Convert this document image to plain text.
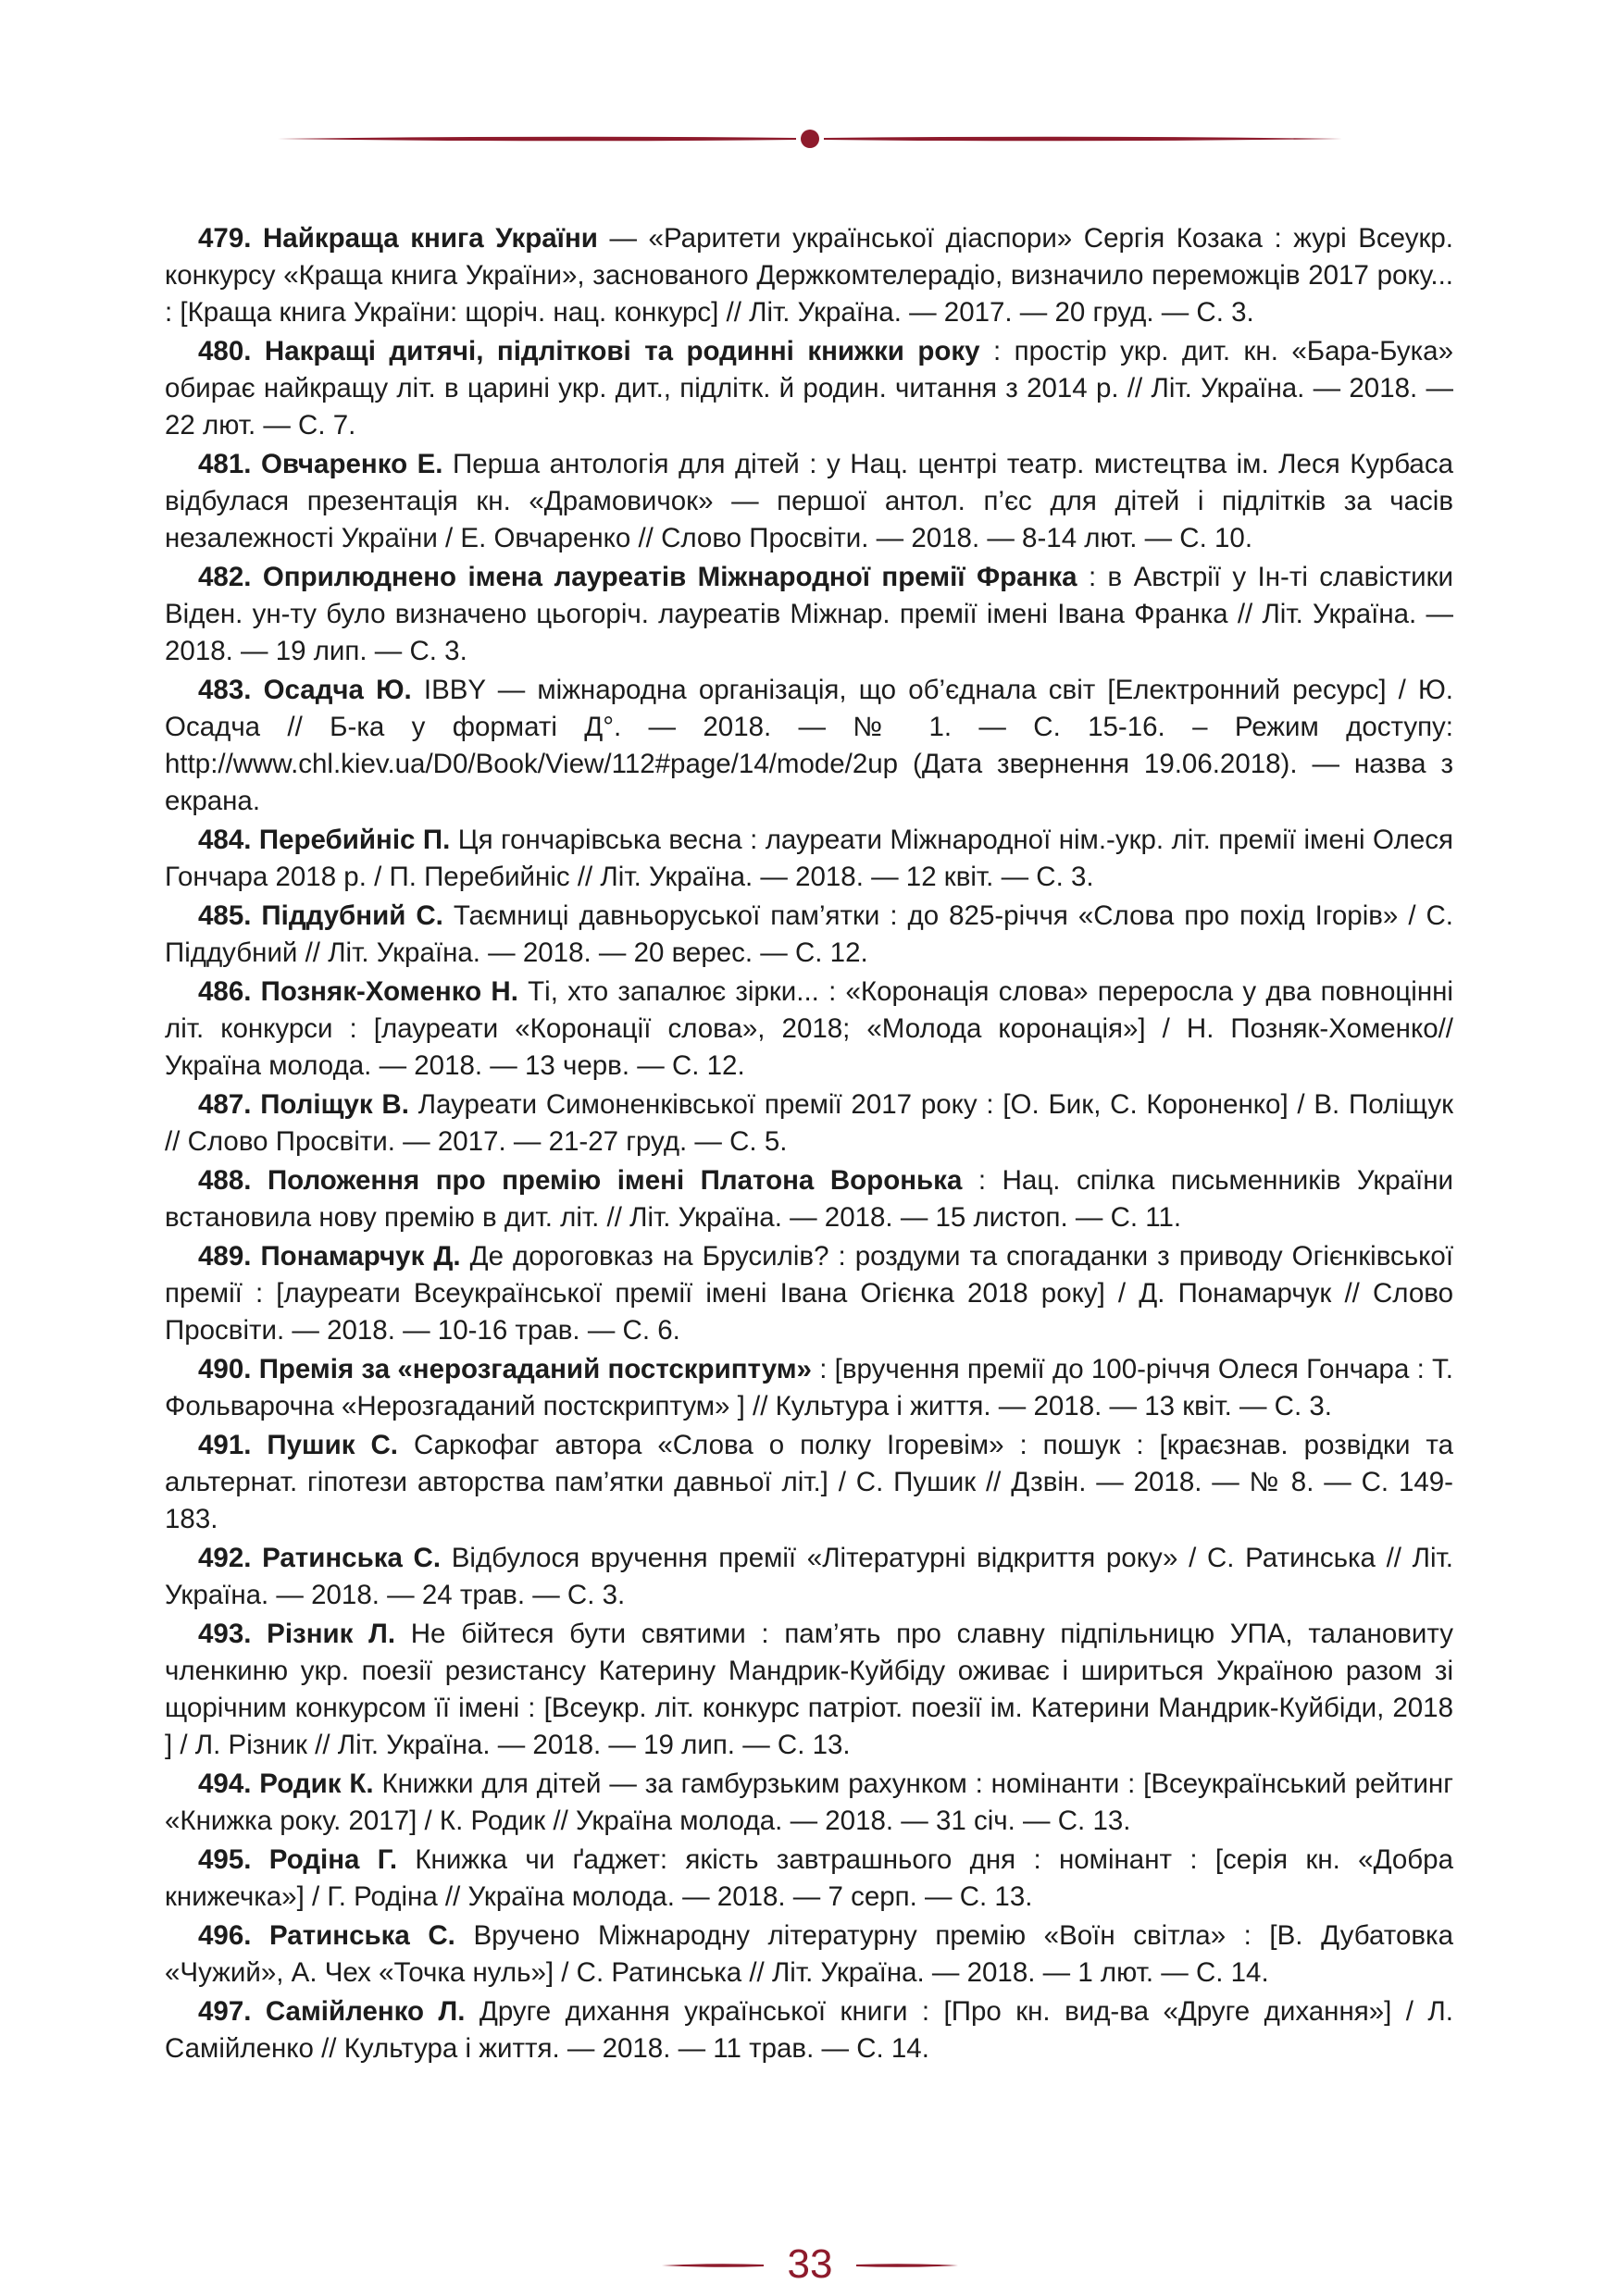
479. Найкраща книга України — «Раритети української діаспори» Сергія Козака : журі Всеукр. конкурсу «Краща книга України», заснованого Держкомтелерадіо, визначило переможців 2017 року... : [Краща книга України: щоріч. нац. конкурс] // Літ. Україна. — 2017. — 20 груд. — С. 3.

480. Накращі дитячі, підліткові та родинні книжки року : простір укр. дит. кн. «Бара-Бука» обирає найкращу літ. в царині укр. дит., підлітк. й родин. читання з 2014 р. // Літ. Україна. — 2018. — 22 лют. — С. 7.

481. Овчаренко Е. Перша антологія для дітей : у Нац. центрі театр. мистецтва ім. Леся Курбаса відбулася презентація кн. «Драмовичок» — першої антол. п’єс для дітей і підлітків за часів незалежності України / Е. Овчаренко // Слово Просвіти. — 2018. — 8-14 лют. — С. 10.

482. Оприлюднено імена лауреатів Міжнародної премії Франка : в Австрії у Ін-ті славістики Віден. ун-ту було визначено цьогоріч. лауреатів Міжнар. премії імені Івана Франка // Літ. Україна. — 2018. — 19 лип. — С. 3.

483. Осадча Ю. IBBY — міжнародна організація, що об’єднала світ [Електронний ресурс] / Ю. Осадча // Б-ка у форматі Д°. — 2018. — № 1. — С. 15-16. – Режим доступу: http://www.chl.kiev.ua/D0/Book/View/112#page/14/mode/2up (Дата звернення 19.06.2018). — назва з екрана.

484. Перебийніс П. Ця гончарівська весна : лауреати Міжнародної нім.-укр. літ. премії імені Олеся Гончара 2018 р. / П. Перебийніс // Літ. Україна. — 2018. — 12 квіт. — С. 3.

485. Піддубний С. Таємниці давньоруської пам’ятки : до 825-річчя «Слова про похід Ігорів» / С. Піддубний // Літ. Україна. — 2018. — 20 верес. — С. 12.

486. Позняк-Хоменко Н. Ті, хто запалює зірки... : «Коронація слова» переросла у два повноцінні літ. конкурси : [лауреати «Коронації слова», 2018; «Молода коронація»] / Н. Позняк-Хоменко// Україна молода. — 2018. — 13 черв. — С. 12.

487. Поліщук В. Лауреати Симоненківської премії 2017 року : [О. Бик, С. Короненко] / В. Поліщук // Слово Просвіти. — 2017. — 21-27 груд. — С. 5.

488. Положення про премію імені Платона Воронька : Нац. спілка письменників України встановила нову премію в дит. літ. // Літ. Україна. — 2018. — 15 листоп. — С. 11.

489. Понамарчук Д. Де дороговказ на Брусилів? : роздуми та спогаданки з приводу Огієнківської премії : [лауреати Всеукраїнської премії імені Івана Огієнка 2018 року] / Д. Понамарчук // Слово Просвіти. — 2018. — 10-16 трав. — С. 6.

490. Премія за «нерозгаданий постскриптум» : [вручення премії до 100-річчя Олеся Гончара : Т. Фольварочна «Нерозгаданий постскриптум» ] // Культура і життя. — 2018. — 13 квіт. — С. 3.

491. Пушик С. Саркофаг автора «Слова о полку Ігоревім» : пошук : [краєзнав. розвідки та альтернат. гіпотези авторства пам’ятки давньої літ.] / С. Пушик // Дзвін. — 2018. — № 8. — С. 149-183.

492. Ратинська С. Відбулося вручення премії «Літературні відкриття року» / С. Ратинська // Літ. Україна. — 2018. — 24 трав. — С. 3.

493. Різник Л. Не бійтеся бути святими : пам’ять про славну підпільницю УПА, талановиту членкиню укр. поезії резистансу Катерину Мандрик-Куйбіду оживає і шириться Україною разом зі щорічним конкурсом її імені : [Всеукр. літ. конкурс патріот. поезії ім. Катерини Мандрик-Куйбіди, 2018 ] / Л. Різник // Літ. Україна. — 2018. — 19 лип. — С. 13.

494. Родик К. Книжки для дітей — за гамбурзьким рахунком : номінанти : [Всеукраїнський рейтинг «Книжка року. 2017] / К. Родик // Україна молода. — 2018. — 31 січ. — С. 13.

495. Родіна Г. Книжка чи ґаджет: якість завтрашнього дня : номінант : [серія кн. «Добра книжечка»] / Г. Родіна // Україна молода. — 2018. — 7 серп. — С. 13.

496. Ратинська С. Вручено Міжнародну літературну премію «Воїн світла» : [В. Дубатовка «Чужий», А. Чех «Точка нуль»] / С. Ратинська // Літ. Україна. — 2018. — 1 лют. — С. 14.

497. Самійленко Л. Друге дихання української книги : [Про кн. вид-ва «Друге дихання»] / Л. Самійленко // Культура і життя. — 2018. — 11 трав. — С. 14.

33
